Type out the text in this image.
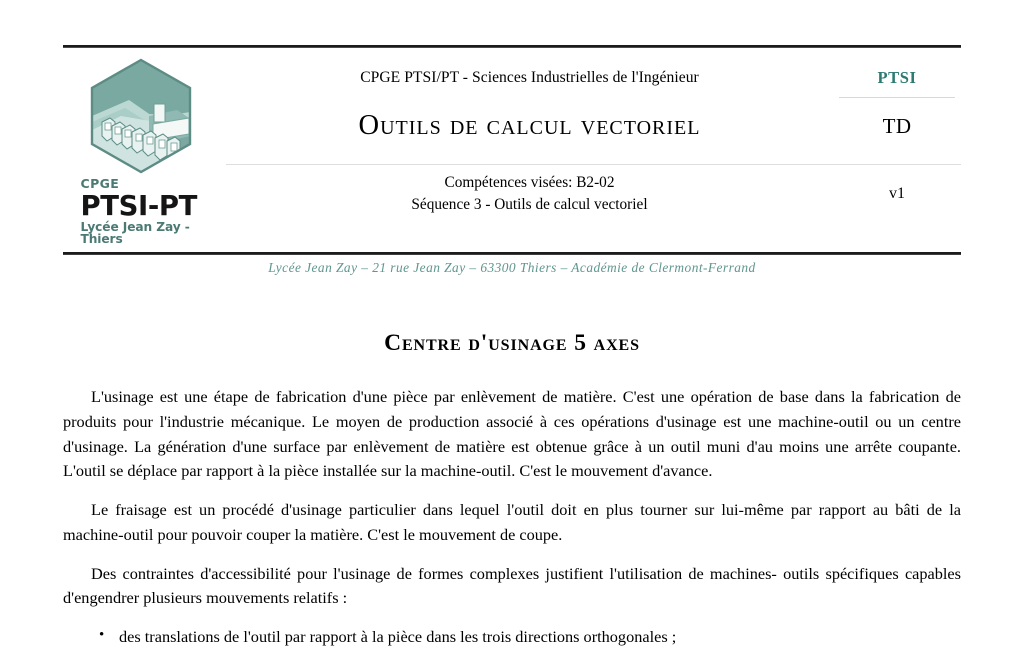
CPGE
PTSI-PT
Lycée Jean Zay - Thiers
CPGE PTSI/PT - Sciences Industrielles de l'Ingénieur	PTSI
Outils de calcul vectoriel	TD
Compétences visées: B2-02
Séquence 3 - Outils de calcul vectoriel
v1
Lycée Jean Zay – 21 rue Jean Zay – 63300 Thiers – Académie de Clermont-Ferrand
Centre d'usinage 5 axes

L'usinage est une étape de fabrication d'une pièce par enlèvement de matière. C'est une opération de base dans la fabrication de produits pour l'industrie mécanique. Le moyen de production associé à ces opérations d'usinage est une machine-outil ou un centre d'usinage. La génération d'une surface par enlèvement de matière est obtenue grâce à un outil muni d'au moins une arrête coupante. L'outil se déplace par rapport à la pièce installée sur la machine-outil. C'est le mouvement d'avance.

Le fraisage est un procédé d'usinage particulier dans lequel l'outil doit en plus tourner sur lui-même par rapport au bâti de la machine-outil pour pouvoir couper la matière. C'est le mouvement de coupe.

Des contraintes d'accessibilité pour l'usinage de formes complexes justifient l'utilisation de machines- outils spécifiques capables d'engendrer plusieurs mouvements relatifs :

• des translations de l'outil par rapport à la pièce dans les trois directions orthogonales ;
